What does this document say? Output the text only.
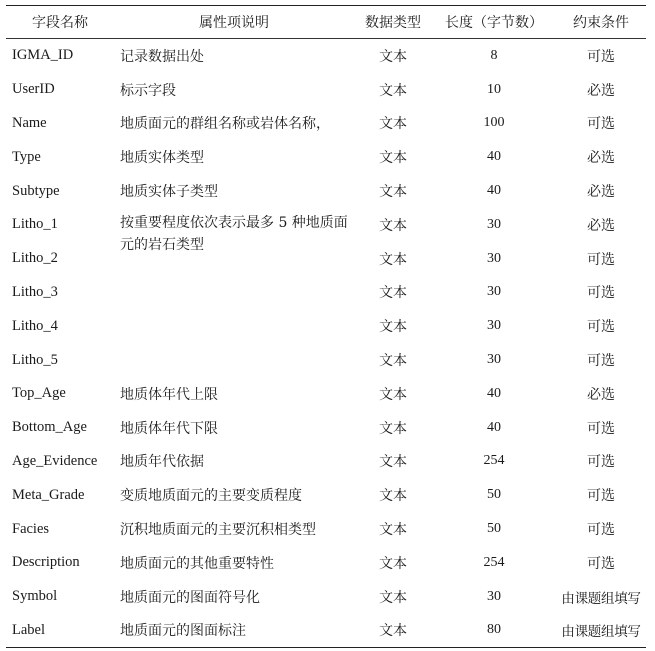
字段名称	属性项说明	数据类型	长度（字节数）	约束条件
IGMA_ID	记录数据出处	文本	8	可选
UserID	标示字段	文本	10	必选
Name	地质面元的群组名称或岩体名称，	文本	100	可选
Type	地质实体类型	文本	40	必选
Subtype	地质实体子类型	文本	40	必选
Litho_1	按重要程度依次表示最多 5 种地质面元的岩石类型	文本	30	必选
Litho_2		文本	30	可选
Litho_3		文本	30	可选
Litho_4		文本	30	可选
Litho_5		文本	30	可选
Top_Age	地质体年代上限	文本	40	必选
Bottom_Age	地质体年代下限	文本	40	可选
Age_Evidence	地质年代依据	文本	254	可选
Meta_Grade	变质地质面元的主要变质程度	文本	50	可选
Facies	沉积地质面元的主要沉积相类型	文本	50	可选
Description	地质面元的其他重要特性	文本	254	可选
Symbol	地质面元的图面符号化	文本	30	由课题组填写
Label	地质面元的图面标注	文本	80	由课题组填写
